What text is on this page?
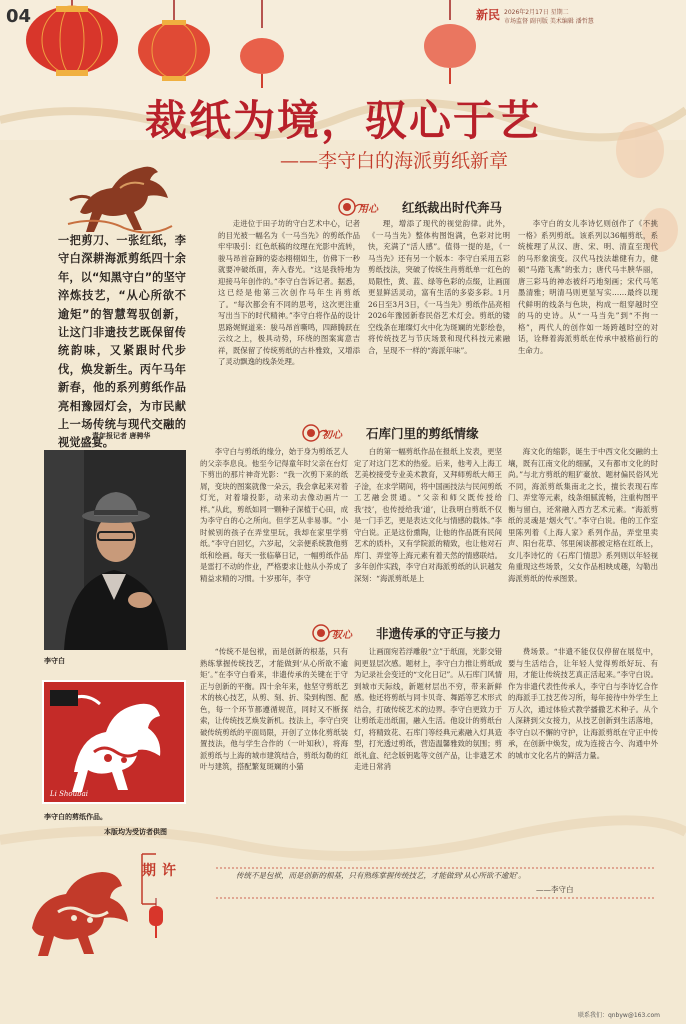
04	新民 2026年2月17日 星期二
市场监督 副刊版 美术编辑 潘哲慧
裁纸为境，驭心于艺
——李守白的海派剪纸新章
一把剪刀、一张红纸，李守白深耕海派剪纸四十余年，以“知黑守白”的坚守淬炼技艺，“从心所欲不逾矩”的智慧驾驭创新，让这门非遗技艺既保留传统韵味，又紧跟时代步伐，焕发新生。丙午马年新春，他的系列剪纸作品亮相豫园灯会，为市民献上一场传统与现代交融的视觉盛宴。
青年报记者 唐骋华
李守白
Li Shoubai
李守白的剪纸作品。
本版均为受访者供图
用心 红纸裁出时代奔马
走进位于田子坊的守白艺术中心，记者的目光被一幅名为《一马当先》的剪纸作品牢牢吸引：红色纸稿的纹理在光影中流转，骏马昂首奋蹄的姿态栩栩如生，仿佛下一秒就要冲破纸面，奔入春光。“这是我特地为迎接马年创作的。”李守白告诉记者。据悉，这已经是他第三次创作马年生肖剪纸了。“每次都会有不同的思考，这次更注重写出当下的时代精神。”李守白将作品的设计思路娓娓道来：骏马昂首嘶鸣，四蹄腾跃在云纹之上，极具动势，环绕的图案寓意吉祥，既保留了传统剪纸的古朴雅致，又增添了灵动飘逸的线条处理。
理，增添了现代的视觉韵律。此外，《一马当先》整体构图饱满，色彩对比明快，充满了“活人感”。值得一提的是，《一马当先》还有另一个版本：李守白采用五彩剪纸技法，突破了传统生肖剪纸单一红色的局限性，黄、蓝、绿等色彩的点缀，让画面更显鲜活灵动，富有生活的多姿多彩。1月26日至3月3日，《一马当先》剪纸作品亮相2026年豫园新春民俗艺术灯会。剪纸的镂空线条在璀璨灯火中化为斑斓的光影绘卷，将传统技艺与节庆场景和现代科技元素融合，呈现不一样的“海派年味”。
李守白的女儿李诗忆则创作了《不挑一格》系列剪纸。该系列以36幅剪纸，系统梳理了从汉、唐、宋、明、清直至现代的马形象演变。汉代马技法雄健有力，健硕“马踏飞燕”的张力；唐代马丰腴华丽，唐三彩马的神态被纤巧地刻画；宋代马笔墨清雅；明清马则更显写实……最终以现代鲜明的线条与色块，构成一组穿越时空的马的史诗。从“一马当先”到“不拘一格”，两代人的创作如一场跨越时空的对话，诠释着海派剪纸在传承中被格前行的生命力。
初心 石库门里的剪纸情缘
李守白与剪纸的缘分，始于身为剪纸艺人的父亲李息良。他至今记得童年时父亲在台灯下剪出的那片神奇光影：“我一次剪下来的纸屑，变块的图案就像一朵云，我会拿起来对着灯光，对着墙投影，动来动去像动画片一样。”从此，剪纸如同一颗种子深植于心田，成为李守白的心之所向。但学艺从非易事。“小时候别的孩子在弄堂里玩，我却在家里学剪纸。”李守白回忆，六岁起，父亲便系统教他剪纸和绘画。每天一张临摹日记，一幅剪纸作品是雷打不动的作业，严格要求让他从小养成了精益求精的习惯。十岁那年，李守
白的第一幅剪纸作品在报纸上发表，更坚定了对这门艺术的热爱。后来，他考入上海工艺美校接受专业美术教育，又拜师剪纸大师王子淦，在求学期间，将中国画技法与民间剪纸工艺融会贯通。“父亲和师父既传授给我‘技’，也传授给我‘道’，让我明白剪纸不仅是一门手艺，更是表达文化与情感的载体。”李守白说。正是这份熏陶，让他的作品既有民间艺术的质朴，又有学院派的精致，也让他对石库门、弄堂等上海元素有着天然的情感联结。多年创作实践，李守白对海派剪纸的认识越发深刻：“海派剪纸是上
海文化的缩影，诞生于中西文化交融的土壤，既有江南文化的细腻，又有都市文化的时尚。”与北方剪纸的粗犷豪放、题材偏民俗风光不同，海派剪纸集南北之长，擅长表现石库门、弄堂等元素，线条细腻流畅，注重构图平衡与留白，还常融入西方艺术元素。“海派剪纸的灵魂是‘烟火气’。”李守白说。他的工作室里陈列着《上海人家》系列作品，弄堂里卖声、阳台花草、邻里闲谈都被定格在红纸上，女儿李诗忆的《石库门情思》系列则以年轻视角重现这些场景，父女作品相映成趣，勾勒出海派剪纸的传承图景。
驭心 非遗传承的守正与接力
“传统不是包袱，而是创新的根基，只有熟练掌握传统技艺，才能做到‘从心所欲不逾矩’。”在李守白看来，非遗传承的关键在于守正与创新的平衡。四十余年来，他坚守剪纸艺术的核心技艺，从剪、刻、折、染到构图、配色，每一个环节都遵循规范，同时又不断探索，让传统技艺焕发新机。技法上，李守白突破传统剪纸的平面局限，开创了立体化剪纸装置技法，他与学生合作的（一叶知秋），将海派剪纸与上海的城市建筑结合，剪纸勾勒的红叶与建筑，搭配繁复斑斓的小猫
让画面宛若浮雕般“立”于纸面，光影交错间更显层次感。题材上，李守白力推让剪纸成为记录社会变迁的“文化日记”。从石库门风情到城市天际线，新题材层出不穷，带来新鲜感。他还将剪纸与同卡贝奇、舞蹈等艺术形式结合，打破传统艺术的边界。李守白更致力于让剪纸走出纸面，融入生活。他设计的剪纸台灯，将精致花、石库门等经典元素融入灯具造型，打光透过剪纸，营造温馨雅致的氛围；剪纸礼盒、纪念版钥匙等文创产品，让非遗艺术走进日常消
费场景。“非遗不能仅仅停留在展览中，要与生活结合，让年轻人觉得剪纸好玩、有用，才能让传统技艺真正活起来。”李守白说。作为非遗代表性传承人，李守白与李诗忆合作的海派手工技艺传习所，每年接待中外学生上万人次，通过体验式教学播撒艺术种子。从个人深耕到父女接力，从技艺创新到生活落地，李守白以不懈的守护，让海派剪纸在守正中传承，在创新中焕发，成为连接古今、沟通中外的城市文化名片的鲜活力量。
期许	传统不是包袱，而是创新的根基，只有熟练掌握传统技艺，才能做到‘从心所欲不逾矩’。
——李守白
联系我们：qnbyw@163.com
